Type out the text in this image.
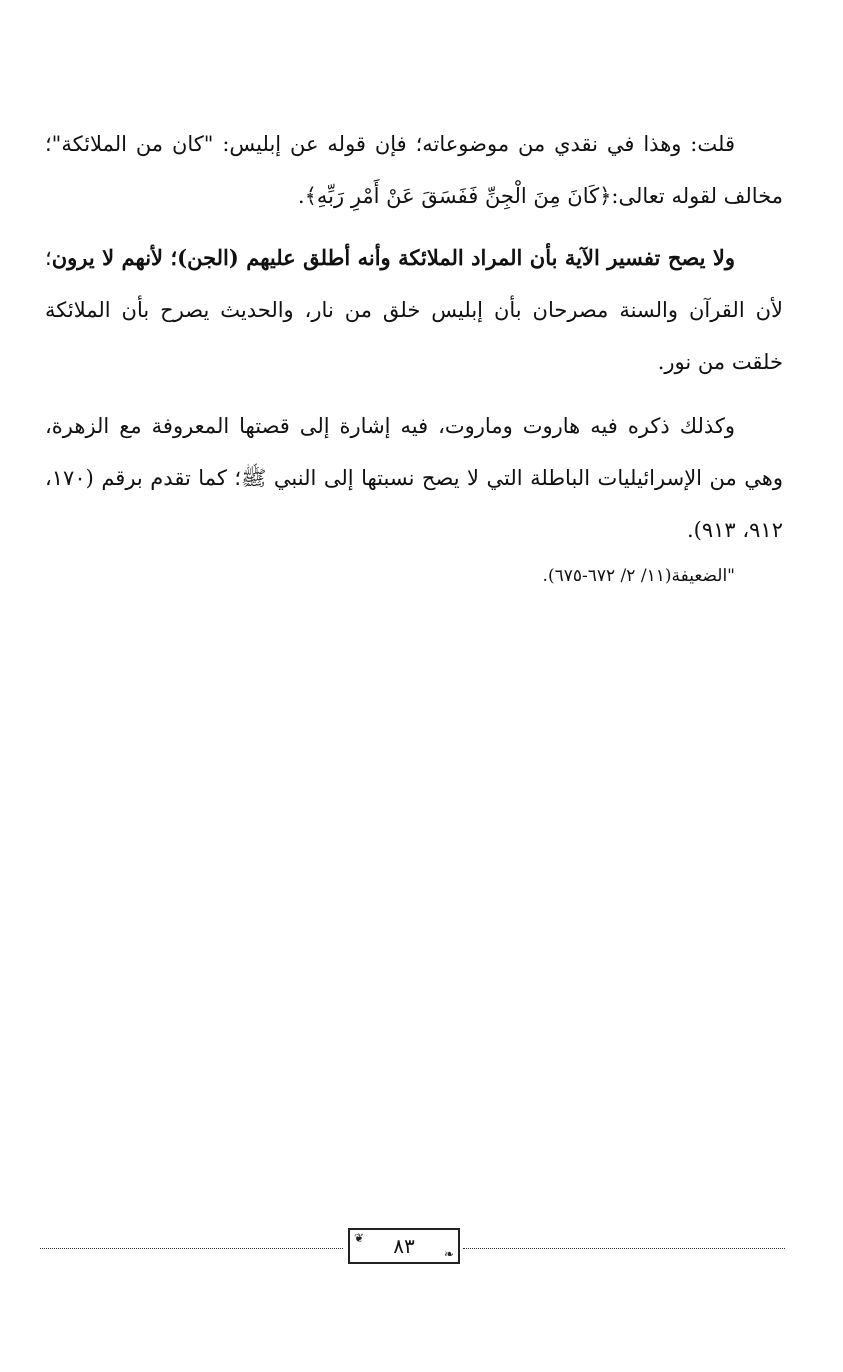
قلت: وهذا في نقدي من موضوعاته؛ فإن قوله عن إبليس: "كان من الملائكة"؛ مخالف لقوله تعالى:﴿كَانَ مِنَ الْجِنِّ فَفَسَقَ عَنْ أَمْرِ رَبِّهِ﴾.
ولا يصح تفسير الآية بأن المراد الملائكة وأنه أطلق عليهم (الجن)؛ لأنهم لا يرون؛ لأن القرآن والسنة مصرحان بأن إبليس خلق من نار، والحديث يصرح بأن الملائكة خلقت من نور.
وكذلك ذكره فيه هاروت وماروت، فيه إشارة إلى قصتها المعروفة مع الزهرة، وهي من الإسرائيليات الباطلة التي لا يصح نسبتها إلى النبي ﷺ؛ كما تقدم برقم (١٧٠، ٩١٢، ٩١٣).
"الضعيفة(١١/ ٢/ ٦٧٢-٦٧٥).
❦ ٨٣ ❧
